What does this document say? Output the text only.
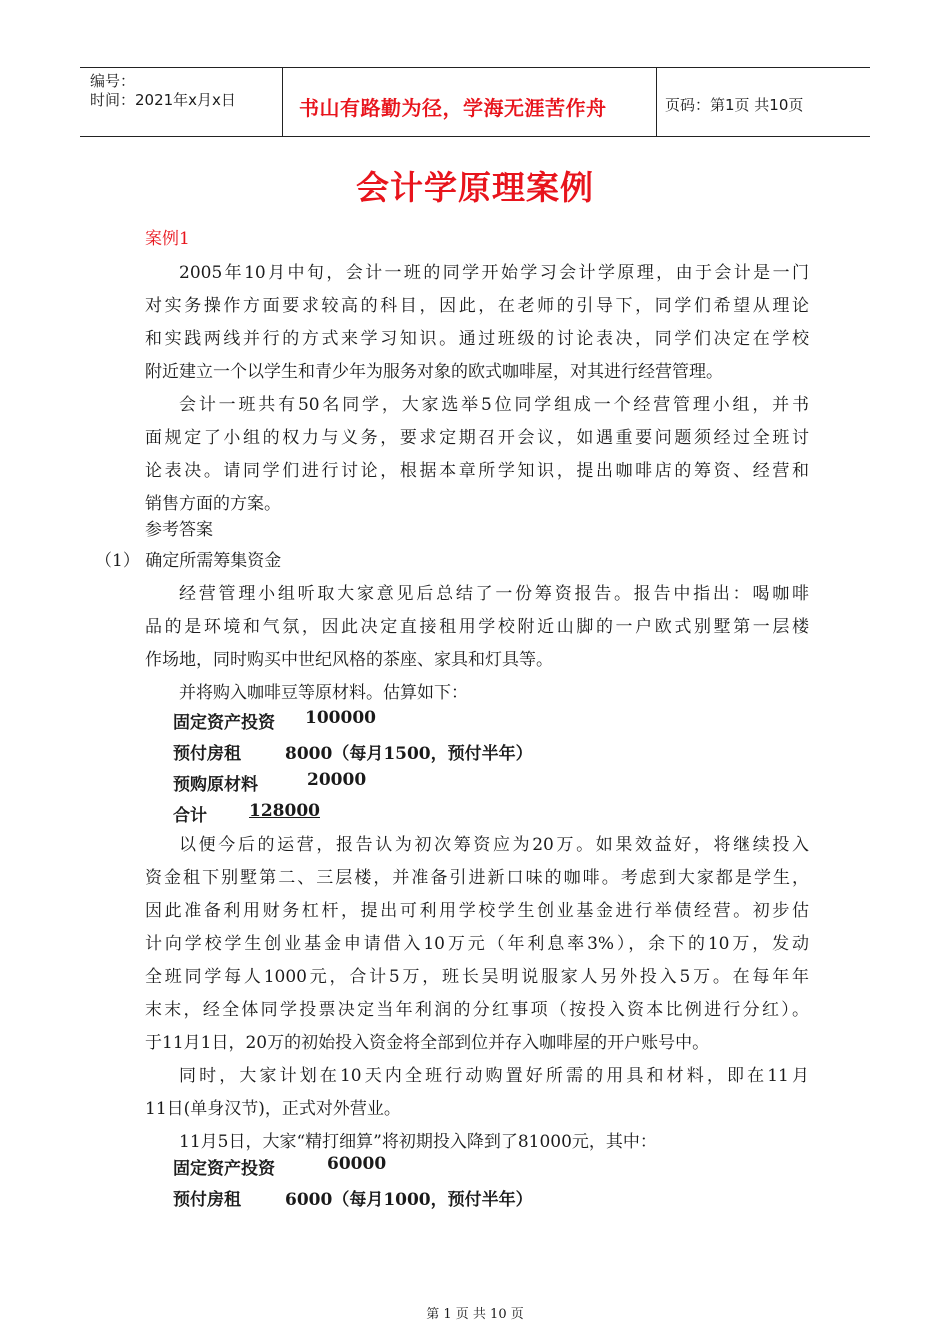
编号：
时间：2021年x月x日	书山有路勤为径，学海无涯苦作舟	页码：第1页 共10页
会计学原理案例
案例1
2005年10月中旬，会计一班的同学开始学习会计学原理，由于会计是一门
对实务操作方面要求较高的科目，因此，在老师的引导下，同学们希望从理论
和实践两线并行的方式来学习知识。通过班级的讨论表决，同学们决定在学校
附近建立一个以学生和青少年为服务对象的欧式咖啡屋，对其进行经营管理。
会计一班共有50名同学，大家选举5位同学组成一个经营管理小组，并书
面规定了小组的权力与义务，要求定期召开会议，如遇重要问题须经过全班讨
论表决。请同学们进行讨论，根据本章所学知识，提出咖啡店的筹资、经营和
销售方面的方案。
参考答案
（1） 确定所需筹集资金
经营管理小组听取大家意见后总结了一份筹资报告。报告中指出：喝咖啡
品的是环境和气氛，因此决定直接租用学校附近山脚的一户欧式别墅第一层楼
作场地，同时购买中世纪风格的茶座、家具和灯具等。
并将购入咖啡豆等原材料。估算如下：
固定资产投资 100000
预付房租	8000（每月1500，预付半年）
预购原材料	20000
合计 128000
以便今后的运营，报告认为初次筹资应为20万。如果效益好，将继续投入
资金租下别墅第二、三层楼，并准备引进新口味的咖啡。考虑到大家都是学生，
因此准备利用财务杠杆，提出可利用学校学生创业基金进行举债经营。初步估
计向学校学生创业基金申请借入10万元（年利息率3%），余下的10万，发动
全班同学每人1000元，合计5万，班长吴明说服家人另外投入5万。在每年年
末末，经全体同学投票决定当年利润的分红事项（按投入资本比例进行分红）。
于11月1日，20万的初始投入资金将全部到位并存入咖啡屋的开户账号中。
同时，大家计划在10天内全班行动购置好所需的用具和材料，即在11月
11日(单身汉节)，正式对外营业。
11月5日，大家“精打细算”将初期投入降到了81000元，其中：
固定资产投资	60000
预付房租	6000（每月1000，预付半年）
第 1 页 共 10 页
